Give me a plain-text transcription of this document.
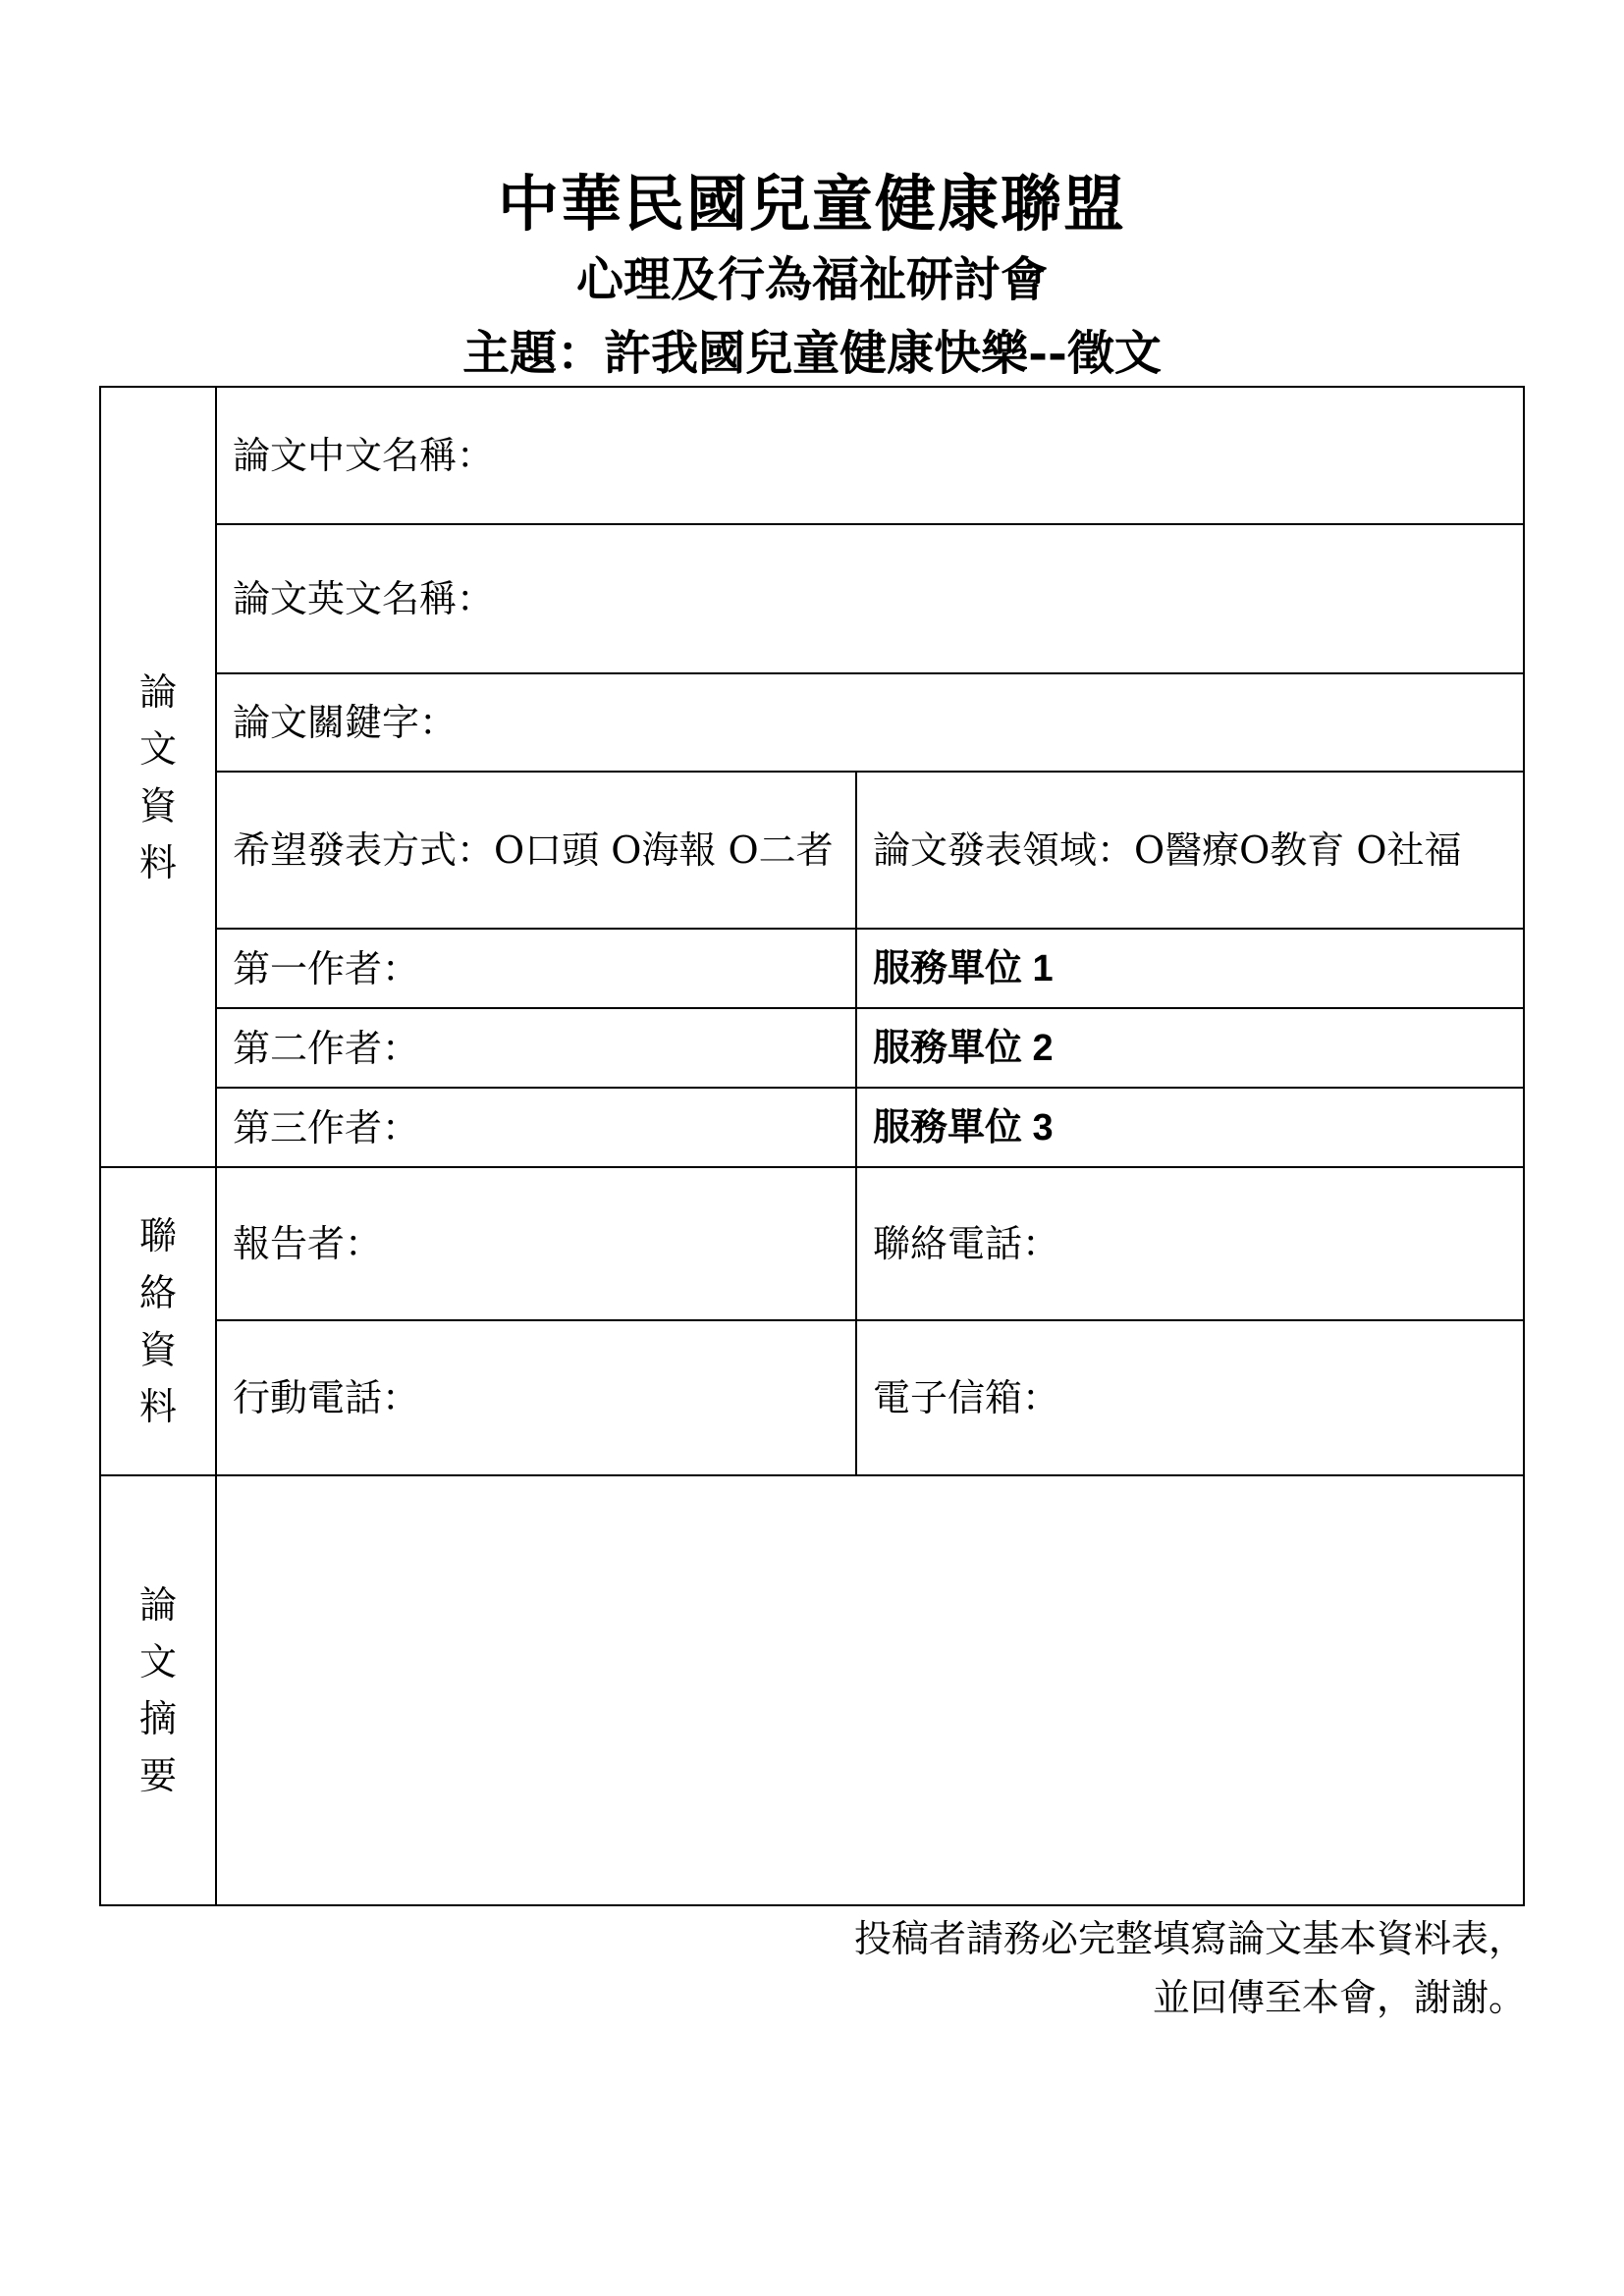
中華民國兒童健康聯盟
心理及行為福祉研討會
主題：許我國兒童健康快樂--徵文
論文資料	論文中文名稱：	
	論文英文名稱：	
	論文關鍵字：	
	希望發表方式：O口頭 O海報 O二者	論文發表領域：O醫療O教育 O社福
	第一作者：	服務單位 1
	第二作者：	服務單位 2
	第三作者：	服務單位 3
聯絡資料	報告者：	聯絡電話：
	行動電話：	電子信箱：
論文摘要		
投稿者請務必完整填寫論文基本資料表，
並回傳至本會，謝謝。
